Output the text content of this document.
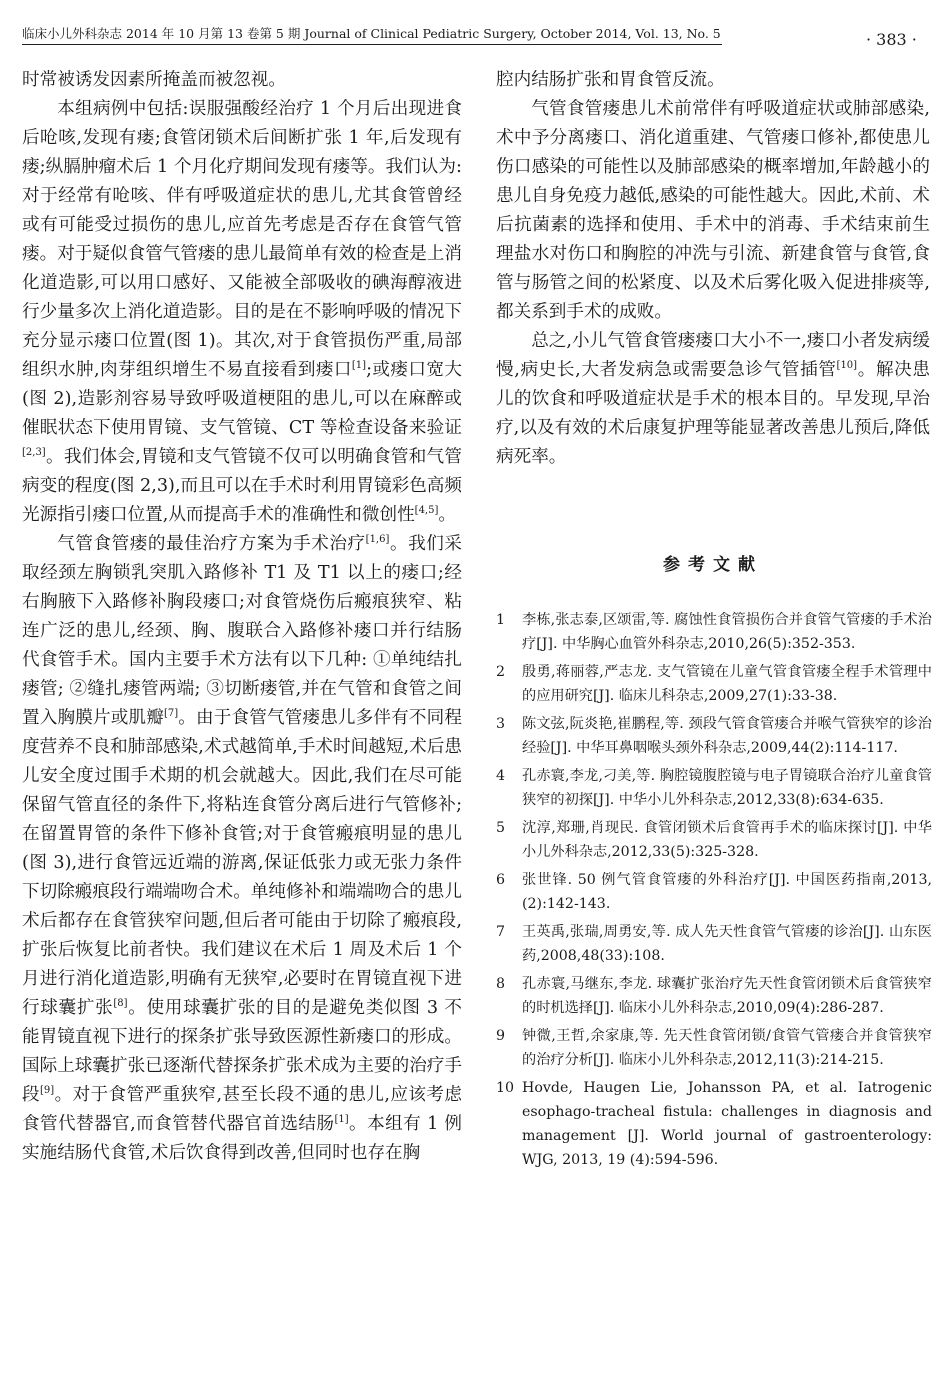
临床小儿外科杂志 2014 年 10 月第 13 卷第 5 期 Journal of Clinical Pediatric Surgery, October 2014, Vol. 13, No. 5	· 383 ·

时常被诱发因素所掩盖而被忽视。

本组病例中包括:误服强酸经治疗 1 个月后出现进食后呛咳,发现有瘘;食管闭锁术后间断扩张 1 年,后发现有瘘;纵膈肿瘤术后 1 个月化疗期间发现有瘘等。我们认为:对于经常有呛咳、伴有呼吸道症状的患儿,尤其食管曾经或有可能受过损伤的患儿,应首先考虑是否存在食管气管瘘。对于疑似食管气管瘘的患儿最简单有效的检查是上消化道造影,可以用口感好、又能被全部吸收的碘海醇液进行少量多次上消化道造影。目的是在不影响呼吸的情况下充分显示瘘口位置(图 1)。其次,对于食管损伤严重,局部组织水肿,肉芽组织增生不易直接看到瘘口[1];或瘘口宽大(图 2),造影剂容易导致呼吸道梗阻的患儿,可以在麻醉或催眠状态下使用胃镜、支气管镜、CT 等检查设备来验证[2,3]。我们体会,胃镜和支气管镜不仅可以明确食管和气管病变的程度(图 2,3),而且可以在手术时利用胃镜彩色高频光源指引瘘口位置,从而提高手术的准确性和微创性[4,5]。

气管食管瘘的最佳治疗方案为手术治疗[1,6]。我们采取经颈左胸锁乳突肌入路修补 T1 及 T1 以上的瘘口;经右胸腋下入路修补胸段瘘口;对食管烧伤后瘢痕狭窄、粘连广泛的患儿,经颈、胸、腹联合入路修补瘘口并行结肠代食管手术。国内主要手术方法有以下几种: ①单纯结扎瘘管; ②缝扎瘘管两端; ③切断瘘管,并在气管和食管之间置入胸膜片或肌瓣[7]。由于食管气管瘘患儿多伴有不同程度营养不良和肺部感染,术式越简单,手术时间越短,术后患儿安全度过围手术期的机会就越大。因此,我们在尽可能保留气管直径的条件下,将粘连食管分离后进行气管修补;在留置胃管的条件下修补食管;对于食管瘢痕明显的患儿(图 3),进行食管远近端的游离,保证低张力或无张力条件下切除瘢痕段行端端吻合术。单纯修补和端端吻合的患儿术后都存在食管狭窄问题,但后者可能由于切除了瘢痕段,扩张后恢复比前者快。我们建议在术后 1 周及术后 1 个月进行消化道造影,明确有无狭窄,必要时在胃镜直视下进行球囊扩张[8]。使用球囊扩张的目的是避免类似图 3 不能胃镜直视下进行的探条扩张导致医源性新瘘口的形成。国际上球囊扩张已逐渐代替探条扩张术成为主要的治疗手段[9]。对于食管严重狭窄,甚至长段不通的患儿,应该考虑食管代替器官,而食管替代器官首选结肠[1]。本组有 1 例实施结肠代食管,术后饮食得到改善,但同时也存在胸

腔内结肠扩张和胃食管反流。

气管食管瘘患儿术前常伴有呼吸道症状或肺部感染,术中予分离瘘口、消化道重建、气管瘘口修补,都使患儿伤口感染的可能性以及肺部感染的概率增加,年龄越小的患儿自身免疫力越低,感染的可能性越大。因此,术前、术后抗菌素的选择和使用、手术中的消毒、手术结束前生理盐水对伤口和胸腔的冲洗与引流、新建食管与食管,食管与肠管之间的松紧度、以及术后雾化吸入促进排痰等,都关系到手术的成败。

总之,小儿气管食管瘘瘘口大小不一,瘘口小者发病缓慢,病史长,大者发病急或需要急诊气管插管[10]。解决患儿的饮食和呼吸道症状是手术的根本目的。早发现,早治疗,以及有效的术后康复护理等能显著改善患儿预后,降低病死率。

参考文献
1	李栋,张志泰,区颂雷,等. 腐蚀性食管损伤合并食管气管瘘的手术治疗[J]. 中华胸心血管外科杂志,2010,26(5):352-353.
2	殷勇,蒋丽蓉,严志龙. 支气管镜在儿童气管食管瘘全程手术管理中的应用研究[J]. 临床儿科杂志,2009,27(1):33-38.
3	陈文弦,阮炎艳,崔鹏程,等. 颈段气管食管瘘合并喉气管狭窄的诊治经验[J]. 中华耳鼻咽喉头颈外科杂志,2009,44(2):114-117.
4	孔赤寰,李龙,刁美,等. 胸腔镜腹腔镜与电子胃镜联合治疗儿童食管狭窄的初探[J]. 中华小儿外科杂志,2012,33(8):634-635.
5	沈淳,郑珊,肖现民. 食管闭锁术后食管再手术的临床探讨[J]. 中华小儿外科杂志,2012,33(5):325-328.
6	张世锋. 50 例气管食管瘘的外科治疗[J]. 中国医药指南,2013,(2):142-143.
7	王英禹,张瑞,周勇安,等. 成人先天性食管气管瘘的诊治[J]. 山东医药,2008,48(33):108.
8	孔赤寰,马继东,李龙. 球囊扩张治疗先天性食管闭锁术后食管狭窄的时机选择[J]. 临床小儿外科杂志,2010,09(4):286-287.
9	钟微,王哲,余家康,等. 先天性食管闭锁/食管气管瘘合并食管狭窄的治疗分析[J]. 临床小儿外科杂志,2012,11(3):214-215.
10 Hovde, Haugen Lie, Johansson PA, et al. Iatrogenic esophago-tracheal fistula: challenges in diagnosis and management [J]. World journal of gastroenterology: WJG, 2013, 19 (4):594-596.
